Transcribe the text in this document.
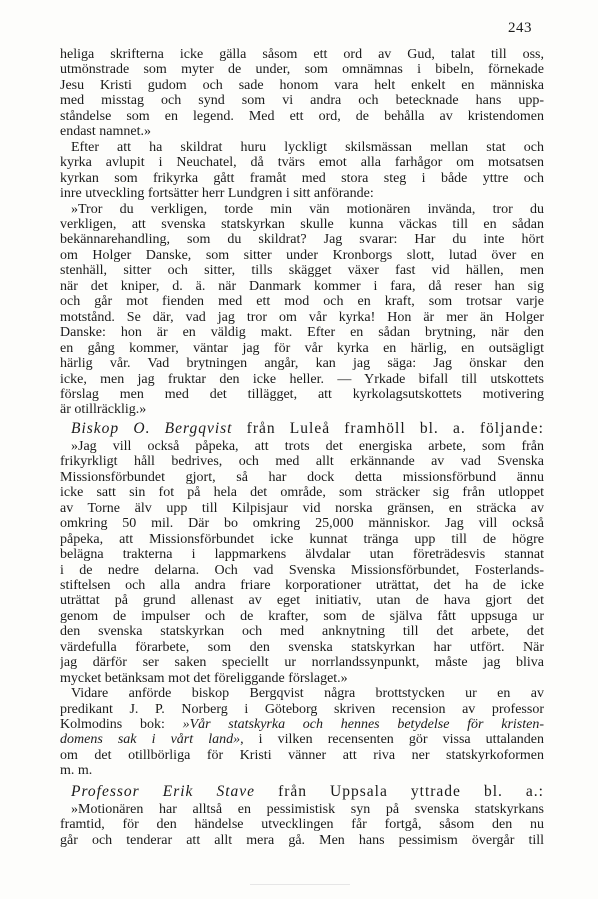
243
heliga skrifterna icke gälla såsom ett ord av Gud, talat till oss,
utmönstrade som myter de under, som omnämnas i bibeln, förnekade
Jesu Kristi gudom och sade honom vara helt enkelt en människa
med misstag och synd som vi andra och betecknade hans upp-
ståndelse som en legend. Med ett ord, de behålla av kristendomen
endast namnet.»
Efter att ha skildrat huru lyckligt skilsmässan mellan stat och
kyrka avlupit i Neuchatel, då tvärs emot alla farhågor om motsatsen
kyrkan som frikyrka gått framåt med stora steg i både yttre och
inre utveckling fortsätter herr Lundgren i sitt anförande:
»Tror du verkligen, torde min vän motionären invända, tror du
verkligen, att svenska statskyrkan skulle kunna väckas till en sådan
bekännarehandling, som du skildrat? Jag svarar: Har du inte hört
om Holger Danske, som sitter under Kronborgs slott, lutad över en
stenhäll, sitter och sitter, tills skägget växer fast vid hällen, men
när det kniper, d. ä. när Danmark kommer i fara, då reser han sig
och går mot fienden med ett mod och en kraft, som trotsar varje
motstånd. Se där, vad jag tror om vår kyrka! Hon är mer än Holger
Danske: hon är en väldig makt. Efter en sådan brytning, när den
en gång kommer, väntar jag för vår kyrka en härlig, en outsägligt
härlig vår. Vad brytningen angår, kan jag säga: Jag önskar den
icke, men jag fruktar den icke heller. — Yrkade bifall till utskottets
förslag men med det tillägget, att kyrkolagsutskottets motivering
är otillräcklig.»
Biskop O. Bergqvist från Luleå framhöll bl. a. följande:
»Jag vill också påpeka, att trots det energiska arbete, som från
frikyrkligt håll bedrives, och med allt erkännande av vad Svenska
Missionsförbundet gjort, så har dock detta missionsförbund ännu
icke satt sin fot på hela det område, som sträcker sig från utloppet
av Torne älv upp till Kilpisjaur vid norska gränsen, en sträcka av
omkring 50 mil. Där bo omkring 25,000 människor. Jag vill också
påpeka, att Missionsförbundet icke kunnat tränga upp till de högre
belägna trakterna i lappmarkens älvdalar utan företrädesvis stannat
i de nedre delarna. Och vad Svenska Missionsförbundet, Fosterlands-
stiftelsen och alla andra friare korporationer uträttat, det ha de icke
uträttat på grund allenast av eget initiativ, utan de hava gjort det
genom de impulser och de krafter, som de själva fått uppsuga ur
den svenska statskyrkan och med anknytning till det arbete, det
värdefulla förarbete, som den svenska statskyrkan har utfört. När
jag därför ser saken speciellt ur norrlandssynpunkt, måste jag bliva
mycket betänksam mot det föreliggande förslaget.»
Vidare anförde biskop Bergqvist några brottstycken ur en av
predikant J. P. Norberg i Göteborg skriven recension av professor
Kolmodins bok: »Vår statskyrka och hennes betydelse för kristen-
domens sak i vårt land», i vilken recensenten gör vissa uttalanden
om det otillbörliga för Kristi vänner att riva ner statskyrkoformen
m. m.
Professor Erik Stave från Uppsala yttrade bl. a.:
»Motionären har alltså en pessimistisk syn på svenska statskyrkans
framtid, för den händelse utvecklingen får fortgå, såsom den nu
går och tenderar att allt mera gå. Men hans pessimism övergår till
